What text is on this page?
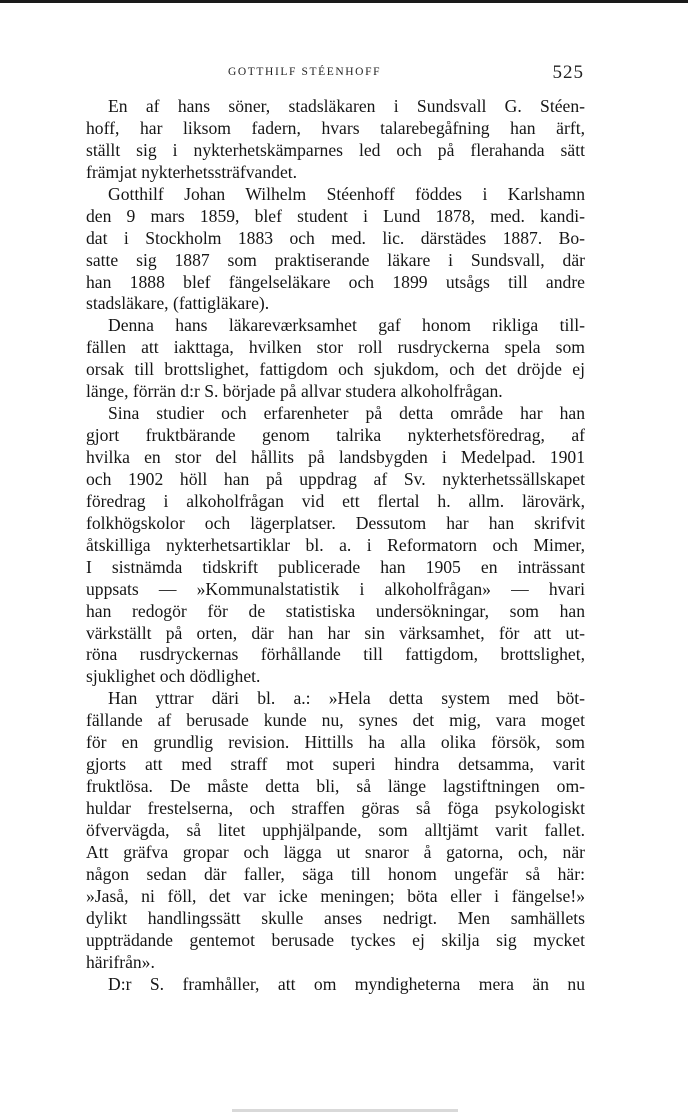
GOTTHILF STÉENHOFF	525
En af hans söner, stadsläkaren i Sundsvall G. Stéen-
hoff, har liksom fadern, hvars talarebegåfning han ärft,
ställt sig i nykterhetskämparnes led och på flerahanda sätt
främjat nykterhetssträfvandet.
Gotthilf Johan Wilhelm Stéenhoff föddes i Karlshamn
den 9 mars 1859, blef student i Lund 1878, med. kandi-
dat i Stockholm 1883 och med. lic. därstädes 1887. Bo-
satte sig 1887 som praktiserande läkare i Sundsvall, där
han 1888 blef fängelseläkare och 1899 utsågs till andre
stadsläkare, (fattigläkare).
Denna hans läkareværksamhet gaf honom rikliga till-
fällen att iakttaga, hvilken stor roll rusdryckerna spela som
orsak till brottslighet, fattigdom och sjukdom, och det dröjde ej
länge, förrän d:r S. började på allvar studera alkoholfrågan.
Sina studier och erfarenheter på detta område har han
gjort fruktbärande genom talrika nykterhetsföredrag, af
hvilka en stor del hållits på landsbygden i Medelpad. 1901
och 1902 höll han på uppdrag af Sv. nykterhetssällskapet
föredrag i alkoholfrågan vid ett flertal h. allm. lärovärk,
folkhögskolor och lägerplatser. Dessutom har han skrifvit
åtskilliga nykterhetsartiklar bl. a. i Reformatorn och Mimer,
I sistnämda tidskrift publicerade han 1905 en inträssant
uppsats — »Kommunalstatistik i alkoholfrågan» — hvari
han redogör för de statistiska undersökningar, som han
värkställt på orten, där han har sin värksamhet, för att ut-
röna rusdryckernas förhållande till fattigdom, brottslighet,
sjuklighet och dödlighet.
Han yttrar däri bl. a.: »Hela detta system med böt-
fällande af berusade kunde nu, synes det mig, vara moget
för en grundlig revision. Hittills ha alla olika försök, som
gjorts att med straff mot superi hindra detsamma, varit
fruktlösa. De måste detta bli, så länge lagstiftningen om-
huldar frestelserna, och straffen göras så föga psykologiskt
öfvervägda, så litet upphjälpande, som alltjämt varit fallet.
Att gräfva gropar och lägga ut snaror å gatorna, och, när
någon sedan där faller, säga till honom ungefär så här:
»Jaså, ni föll, det var icke meningen; böta eller i fängelse!»
dylikt handlingssätt skulle anses nedrigt. Men samhällets
uppträdande gentemot berusade tyckes ej skilja sig mycket
härifrån».
D:r S. framhåller, att om myndigheterna mera än nu
